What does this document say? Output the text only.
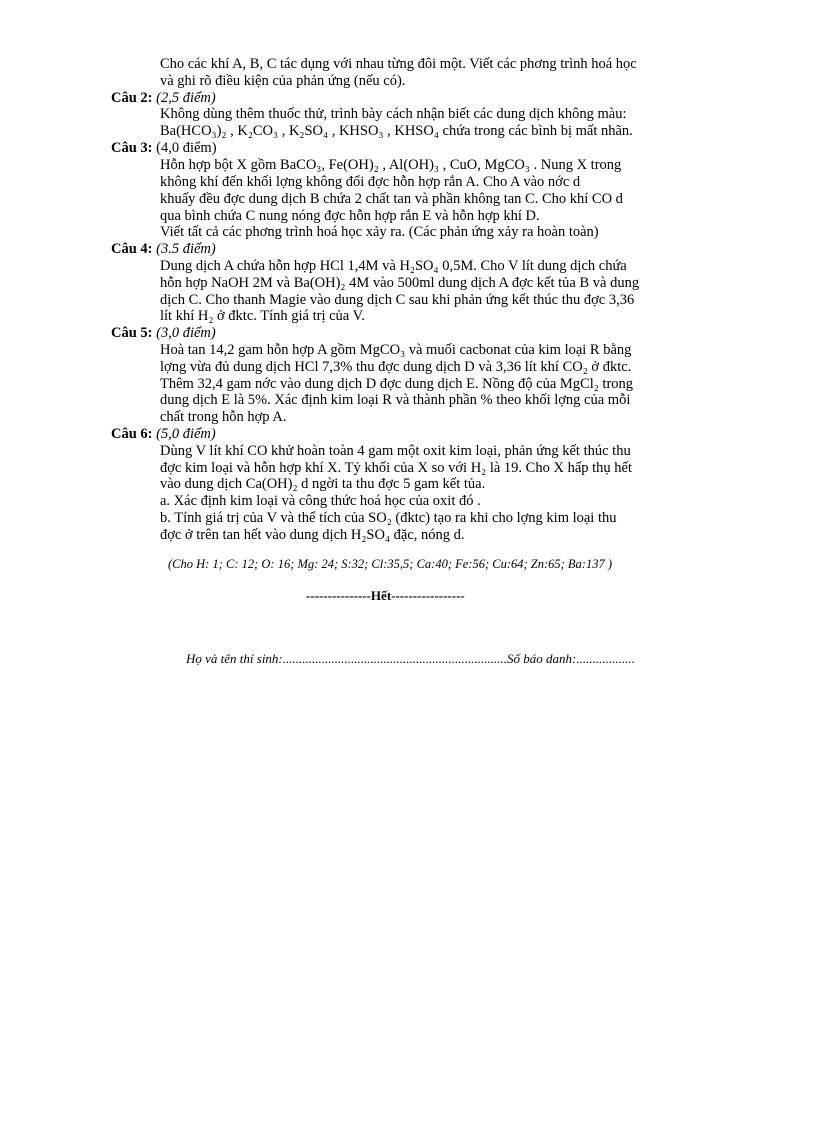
Cho các khí A, B, C tác dụng với nhau từng đôi một. Viết các phơng trình hoá học
và ghi rõ điều kiện của phản ứng (nếu có).
Câu 2: (2,5 điểm)
Không dùng thêm thuốc thử, trình bày cách nhận biết các dung dịch không màu:
Ba(HCO₃)₂ , K₂CO₃ , K₂SO₄ , KHSO₃ , KHSO₄ chứa trong các bình bị mất nhãn.
Câu 3: (4,0 điểm)
Hỗn hợp bột X gồm BaCO₃, Fe(OH)₂ , Al(OH)₃ , CuO, MgCO₃ . Nung X trong
không khí đến khối lợng không đổi đợc hỗn hợp rắn A. Cho A vào nớc d
khuấy đều đợc dung dịch B chứa 2 chất tan và phần không tan C. Cho khí CO d
qua bình chứa C nung nóng đợc hỗn hợp rắn E và hỗn hợp khí D.
Viết tất cả các phơng trình hoá học xảy ra. (Các phản ứng xảy ra hoàn toàn)
Câu 4: (3.5 điểm)
Dung dịch A chứa hỗn hợp HCl 1,4M và H₂SO₄ 0,5M. Cho V lít dung dịch chứa
hỗn hợp NaOH 2M và Ba(OH)₂ 4M vào 500ml dung dịch A đợc kết tủa B và dung
dịch C. Cho thanh Magie vào dung dịch C sau khi phản ứng kết thúc thu đợc 3,36
lít khí H₂ ở đktc. Tính giá trị của V.
Câu 5: (3,0 điểm)
Hoà tan 14,2 gam hỗn hợp A gồm MgCO₃ và muối cacbonat của kim loại R bằng
lợng vừa đủ dung dịch HCl 7,3% thu đợc dung dịch D và 3,36 lít khí CO₂ ở đktc.
Thêm 32,4 gam nớc vào dung dịch D đợc dung dịch E. Nồng độ của MgCl₂ trong
dung dịch E là 5%. Xác định kim loại R và thành phần % theo khối lợng của mỗi
chất trong hỗn hợp A.
Câu 6: (5,0 điểm)
Dùng V lít khí CO khử hoàn toàn 4 gam một oxit kim loại, phản ứng kết thúc thu
đợc kim loại và hỗn hợp khí X. Tỷ khối của X so với H₂ là 19. Cho X hấp thụ hết
vào dung dịch Ca(OH)₂ d ngời ta thu đợc 5 gam kết tủa.
a. Xác định kim loại và công thức hoá học của oxit đó .
b. Tính giá trị của V và thể tích của SO₂ (đktc) tạo ra khi cho lợng kim loại thu
đợc ở trên tan hết vào dung dịch H₂SO₄ đặc, nóng d.
(Cho H: 1; C: 12; O: 16; Mg: 24; S:32; Cl:35,5; Ca:40; Fe:56; Cu:64; Zn:65; Ba:137 )
---------------Hết-----------------
Họ và tên thí sinh:.....................................................................Số báo danh:..................
